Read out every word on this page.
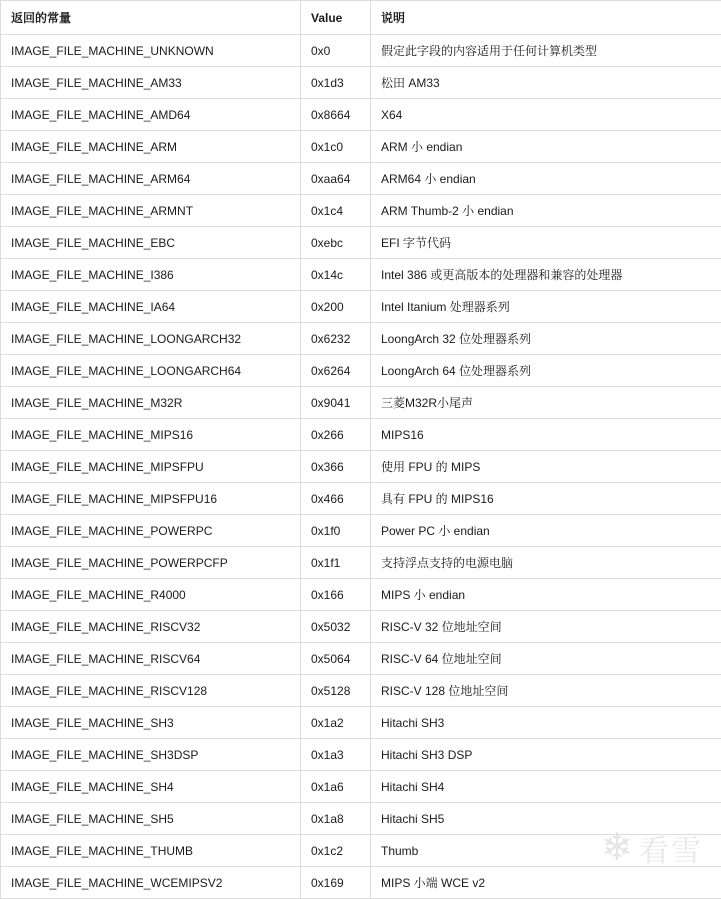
返回的常量	Value	说明
IMAGE_FILE_MACHINE_UNKNOWN	0x0	假定此字段的内容适用于任何计算机类型
IMAGE_FILE_MACHINE_AM33	0x1d3	松田 AM33
IMAGE_FILE_MACHINE_AMD64	0x8664	X64
IMAGE_FILE_MACHINE_ARM	0x1c0	ARM 小 endian
IMAGE_FILE_MACHINE_ARM64	0xaa64	ARM64 小 endian
IMAGE_FILE_MACHINE_ARMNT	0x1c4	ARM Thumb-2 小 endian
IMAGE_FILE_MACHINE_EBC	0xebc	EFI 字节代码
IMAGE_FILE_MACHINE_I386	0x14c	Intel 386 或更高版本的处理器和兼容的处理器
IMAGE_FILE_MACHINE_IA64	0x200	Intel Itanium 处理器系列
IMAGE_FILE_MACHINE_LOONGARCH32	0x6232	LoongArch 32 位处理器系列
IMAGE_FILE_MACHINE_LOONGARCH64	0x6264	LoongArch 64 位处理器系列
IMAGE_FILE_MACHINE_M32R	0x9041	三菱M32R小尾声
IMAGE_FILE_MACHINE_MIPS16	0x266	MIPS16
IMAGE_FILE_MACHINE_MIPSFPU	0x366	使用 FPU 的 MIPS
IMAGE_FILE_MACHINE_MIPSFPU16	0x466	具有 FPU 的 MIPS16
IMAGE_FILE_MACHINE_POWERPC	0x1f0	Power PC 小 endian
IMAGE_FILE_MACHINE_POWERPCFP	0x1f1	支持浮点支持的电源电脑
IMAGE_FILE_MACHINE_R4000	0x166	MIPS 小 endian
IMAGE_FILE_MACHINE_RISCV32	0x5032	RISC-V 32 位地址空间
IMAGE_FILE_MACHINE_RISCV64	0x5064	RISC-V 64 位地址空间
IMAGE_FILE_MACHINE_RISCV128	0x5128	RISC-V 128 位地址空间
IMAGE_FILE_MACHINE_SH3	0x1a2	Hitachi SH3
IMAGE_FILE_MACHINE_SH3DSP	0x1a3	Hitachi SH3 DSP
IMAGE_FILE_MACHINE_SH4	0x1a6	Hitachi SH4
IMAGE_FILE_MACHINE_SH5	0x1a8	Hitachi SH5
IMAGE_FILE_MACHINE_THUMB	0x1c2	Thumb
IMAGE_FILE_MACHINE_WCEMIPSV2	0x169	MIPS 小端 WCE v2
❄ 看雪
